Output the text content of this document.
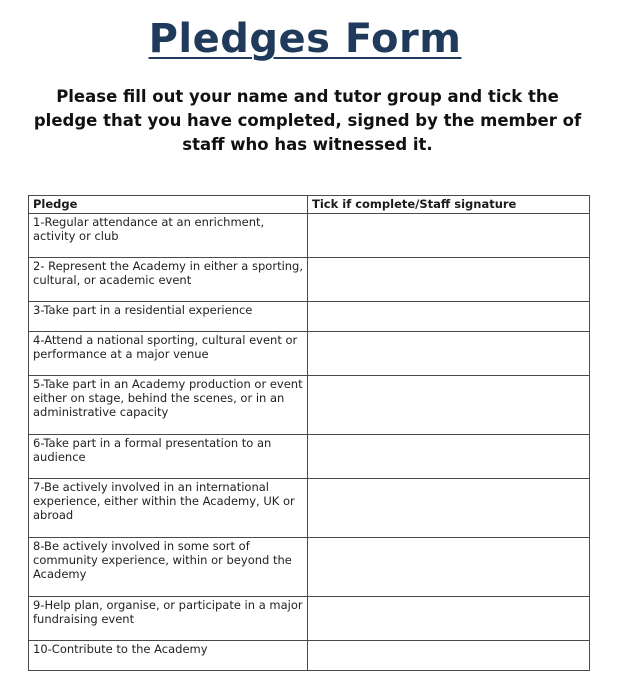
Pledges Form
Please fill out your name and tutor group and tick the pledge that you have completed, signed by the member of staff who has witnessed it.
Pledge	Tick if complete/Staff signature
1-Regular attendance at an enrichment, activity or club	
2- Represent the Academy in either a sporting, cultural, or academic event	
3-Take part in a residential experience	
4-Attend a national sporting, cultural event or performance at a major venue	
5-Take part in an Academy production or event either on stage, behind the scenes, or in an administrative capacity	
6-Take part in a formal presentation to an audience	
7-Be actively involved in an international experience, either within the Academy, UK or abroad	
8-Be actively involved in some sort of community experience, within or beyond the Academy	
9-Help plan, organise, or participate in a major fundraising event	
10-Contribute to the Academy	
